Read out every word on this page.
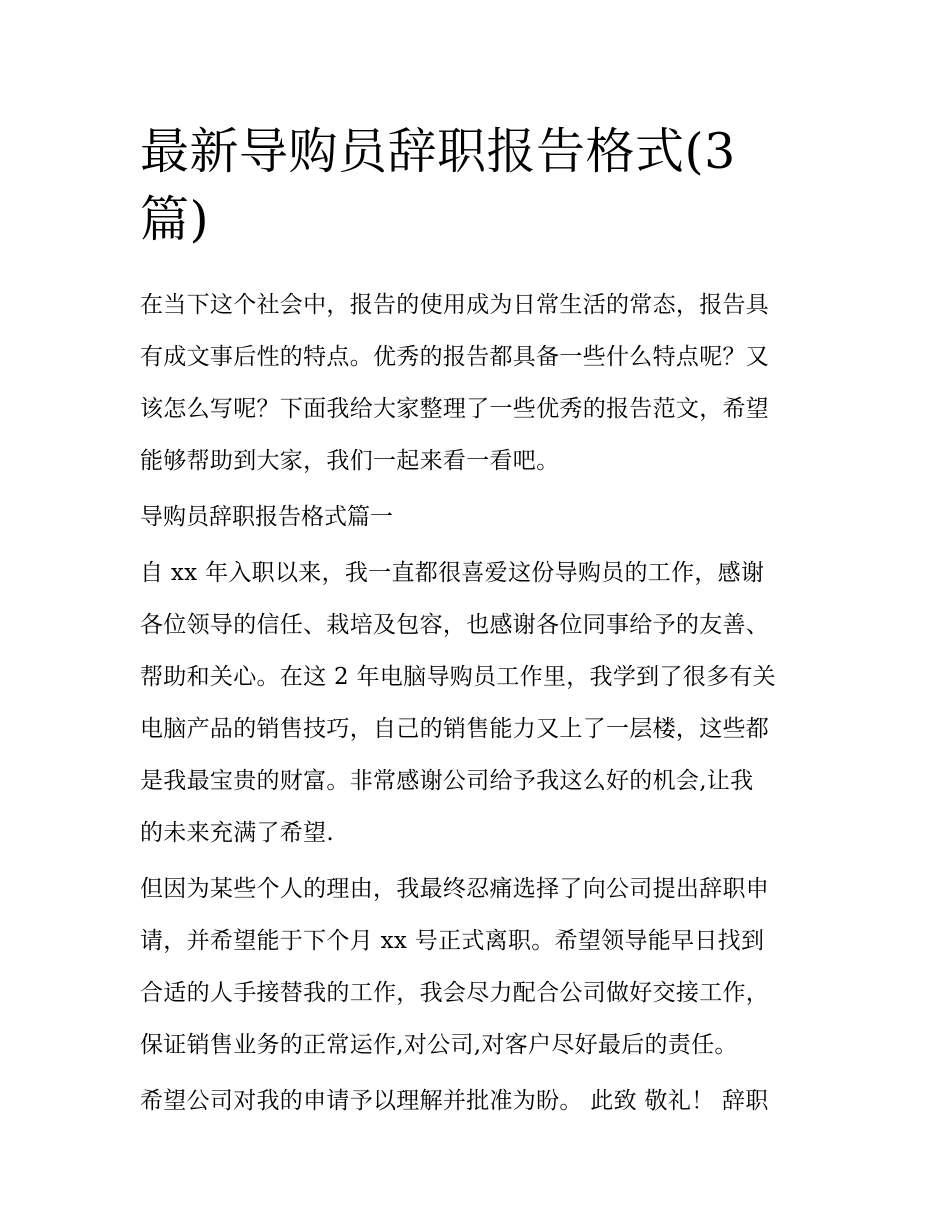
最新导购员辞职报告格式(3
篇)

在当下这个社会中，报告的使用成为日常生活的常态，报告具
有成文事后性的特点。优秀的报告都具备一些什么特点呢？又
该怎么写呢？下面我给大家整理了一些优秀的报告范文，希望
能够帮助到大家，我们一起来看一看吧。

导购员辞职报告格式篇一

自 xx 年入职以来，我一直都很喜爱这份导购员的工作，感谢
各位领导的信任、栽培及包容，也感谢各位同事给予的友善、
帮助和关心。在这 2 年电脑导购员工作里，我学到了很多有关
电脑产品的销售技巧，自己的销售能力又上了一层楼，这些都
是我最宝贵的财富。非常感谢公司给予我这么好的机会,让我
的未来充满了希望.

但因为某些个人的理由，我最终忍痛选择了向公司提出辞职申
请，并希望能于下个月 xx 号正式离职。希望领导能早日找到
合适的人手接替我的工作，我会尽力配合公司做好交接工作，
保证销售业务的正常运作,对公司,对客户尽好最后的责任。

希望公司对我的申请予以理解并批准为盼。 此致 敬礼！ 辞职
